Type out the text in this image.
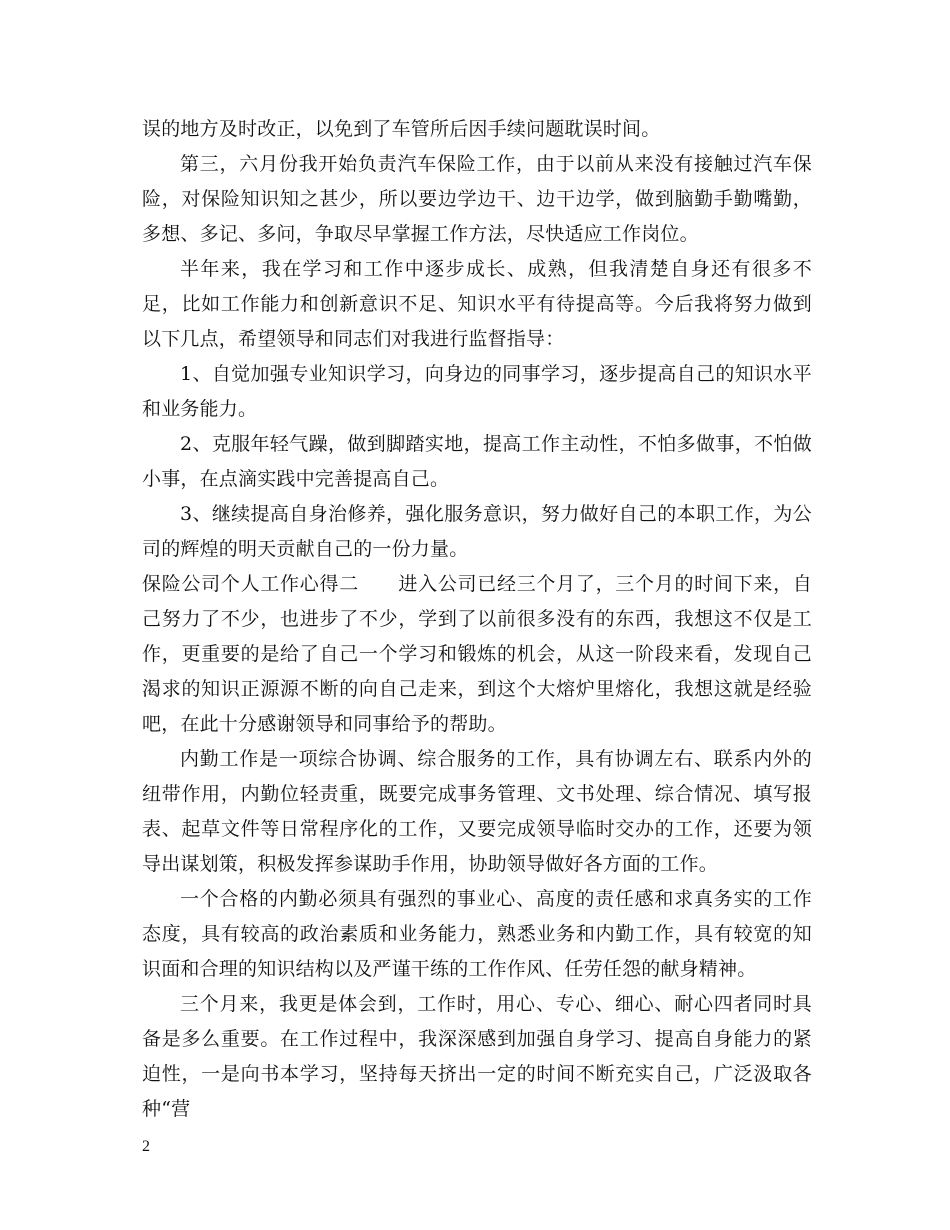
误的地方及时改正，以免到了车管所后因手续问题耽误时间。

第三，六月份我开始负责汽车保险工作，由于以前从来没有接触过汽车保险，对保险知识知之甚少，所以要边学边干、边干边学，做到脑勤手勤嘴勤，多想、多记、多问，争取尽早掌握工作方法，尽快适应工作岗位。

半年来，我在学习和工作中逐步成长、成熟，但我清楚自身还有很多不足，比如工作能力和创新意识不足、知识水平有待提高等。今后我将努力做到以下几点，希望领导和同志们对我进行监督指导：

1、自觉加强专业知识学习，向身边的同事学习，逐步提高自己的知识水平和业务能力。

2、克服年轻气躁，做到脚踏实地，提高工作主动性，不怕多做事，不怕做小事，在点滴实践中完善提高自己。

3、继续提高自身治修养，强化服务意识，努力做好自己的本职工作，为公司的辉煌的明天贡献自己的一份力量。

保险公司个人工作心得二　　进入公司已经三个月了，三个月的时间下来，自己努力了不少，也进步了不少，学到了以前很多没有的东西，我想这不仅是工作，更重要的是给了自己一个学习和锻炼的机会，从这一阶段来看，发现自己渴求的知识正源源不断的向自己走来，到这个大熔炉里熔化，我想这就是经验吧，在此十分感谢领导和同事给予的帮助。

内勤工作是一项综合协调、综合服务的工作，具有协调左右、联系内外的纽带作用，内勤位轻责重，既要完成事务管理、文书处理、综合情况、填写报表、起草文件等日常程序化的工作，又要完成领导临时交办的工作，还要为领导出谋划策，积极发挥参谋助手作用，协助领导做好各方面的工作。

一个合格的内勤必须具有强烈的事业心、高度的责任感和求真务实的工作态度，具有较高的政治素质和业务能力，熟悉业务和内勤工作，具有较宽的知识面和合理的知识结构以及严谨干练的工作作风、任劳任怨的献身精神。

三个月来，我更是体会到，工作时，用心、专心、细心、耐心四者同时具备是多么重要。在工作过程中，我深深感到加强自身学习、提高自身能力的紧迫性，一是向书本学习，坚持每天挤出一定的时间不断充实自己，广泛汲取各种“营

2
